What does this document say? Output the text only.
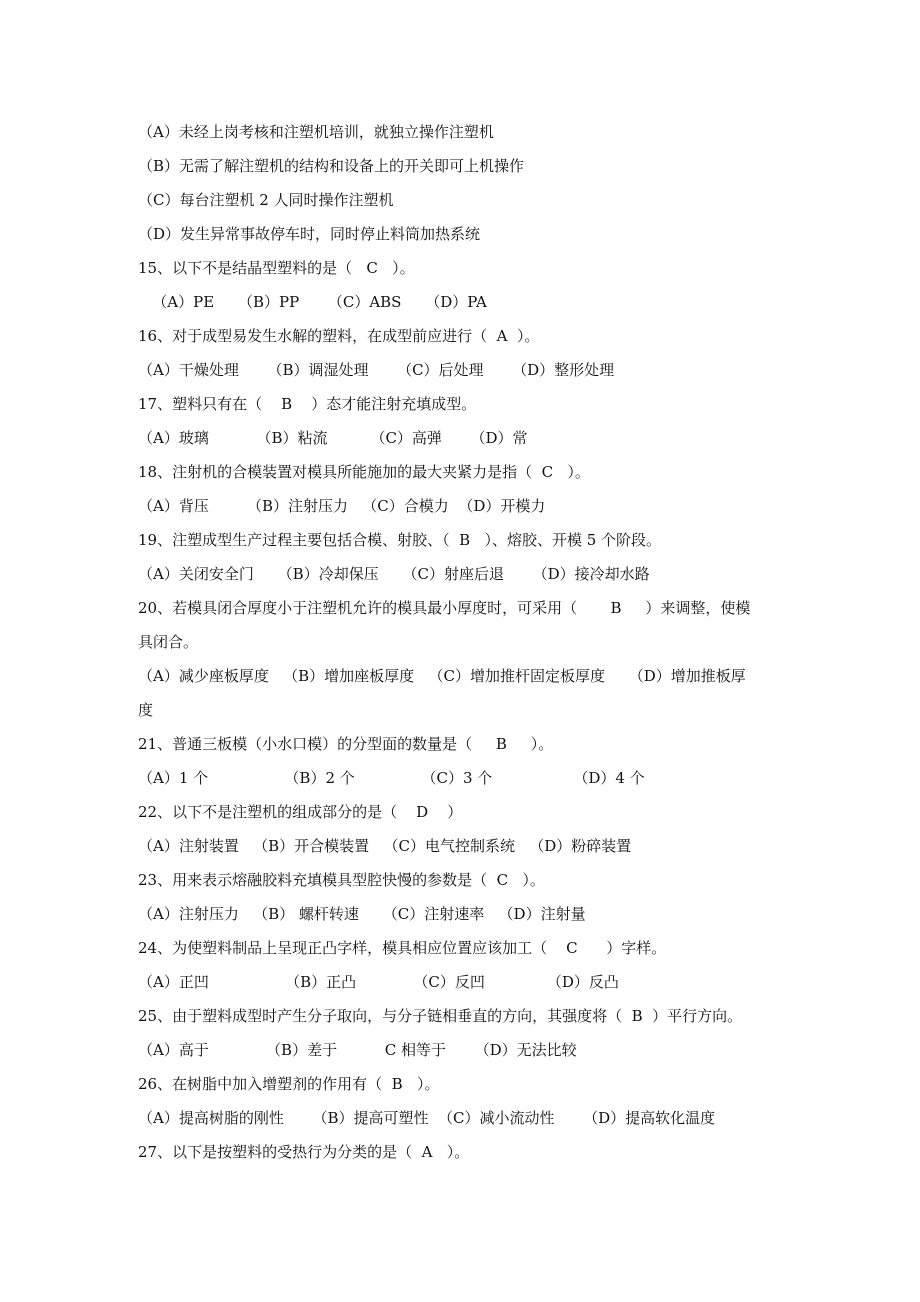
（A）未经上岗考核和注塑机培训，就独立操作注塑机
（B）无需了解注塑机的结构和设备上的开关即可上机操作
（C）每台注塑机 2 人同时操作注塑机
（D）发生异常事故停车时，同时停止料筒加热系统
15、以下不是结晶型塑料的是（   C   ）。
（A）PE     （B）PP      （C）ABS     （D）PA
16、对于成型易发生水解的塑料，在成型前应进行（  A  ）。
（A）干燥处理      （B）调湿处理      （C）后处理      （D）整形处理
17、塑料只有在（    B    ）态才能注射充填成型。
（A）玻璃          （B）粘流         （C）高弹      （D）常
18、注射机的合模装置对模具所能施加的最大夹紧力是指（  C   ）。
（A）背压        （B）注射压力   （C）合模力  （D）开模力
19、注塑成型生产过程主要包括合模、射胶、（  B   ）、熔胶、开模 5 个阶段。
（A）关闭安全门     （B）冷却保压     （C）射座后退      （D）接冷却水路
20、若模具闭合厚度小于注塑机允许的模具最小厚度时，可采用（       B     ）来调整，使模
具闭合。
（A）减少座板厚度   （B）增加座板厚度   （C）增加推杆固定板厚度     （D）增加推板厚
度
21、普通三板模（小水口模）的分型面的数量是（     B     ）。
（A）1 个                （B）2 个              （C）3 个                 （D）4 个
22、以下不是注塑机的组成部分的是（    D    ）
（A）注射装置   （B）开合模装置   （C）电气控制系统   （D）粉碎装置
23、用来表示熔融胶料充填模具型腔快慢的参数是（  C   ）。
（A）注射压力   （B） 螺杆转速     （C）注射速率   （D）注射量
24、为使塑料制品上呈现正凸字样，模具相应位置应该加工（    C      ）字样。
（A）正凹                （B）正凸            （C）反凹             （D）反凸
25、由于塑料成型时产生分子取向，与分子链相垂直的方向，其强度将（  B  ）平行方向。
（A）高于            （B）差于          C 相等于      （D）无法比较
26、在树脂中加入增塑剂的作用有（  B   ）。
（A）提高树脂的刚性      （B）提高可塑性  （C）减小流动性      （D）提高软化温度
27、以下是按塑料的受热行为分类的是（  A   ）。
